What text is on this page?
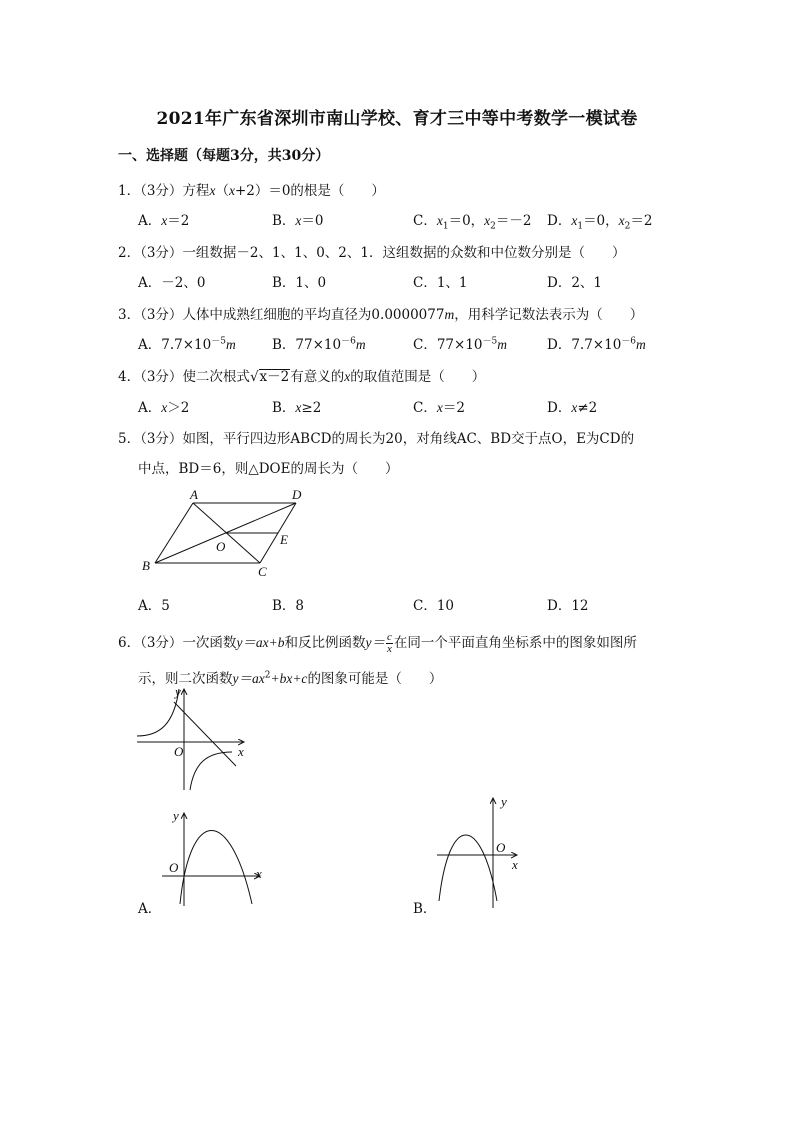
2021年广东省深圳市南山学校、育才三中等中考数学一模试卷
一、选择题（每题3分，共30分）
1．（3分）方程x（x+2）＝0的根是（　　）
A．x＝2	B．x＝0	C．$x_1=0$，$x_2=-2$ D．$x_1=0$，$x_2=2$
2．（3分）一组数据－2、1、1、0、2、1．这组数据的众数和中位数分别是（　　）
A．－2、0	B．1、0	C．1、1	D．2、1
3．（3分）人体中成熟红细胞的平均直径为0.0000077m，用科学记数法表示为（　　）
A．$7.7\times 10^{-5}m$	B．$77\times 10^{-6}m$	C．$77\times 10^{-5}m$	D．$7.7\times 10^{-6}m$
4．（3分）使二次根式√x－2有意义的x的取值范围是（　　）
A．x＞2	B．x≥2	C．x＝2	D．x≠2
5．（3分）如图，平行四边形ABCD的周长为20，对角线AC、BD交于点O，E为CD的
中点，BD＝6，则△DOE的周长为（　　）
A	D
B	C
O	E
A．5	B．8	C．10	D．12
6．（3分）一次函数y＝ax+b和反比例函数$y= \frac{c}{x}$ 在同一个平面直角坐标系中的图象如图所
示，则二次函数$y=ax^2+bx+c$的图象可能是（　　）
y
x
O
y
x
O
A．
y
x
O
B．
